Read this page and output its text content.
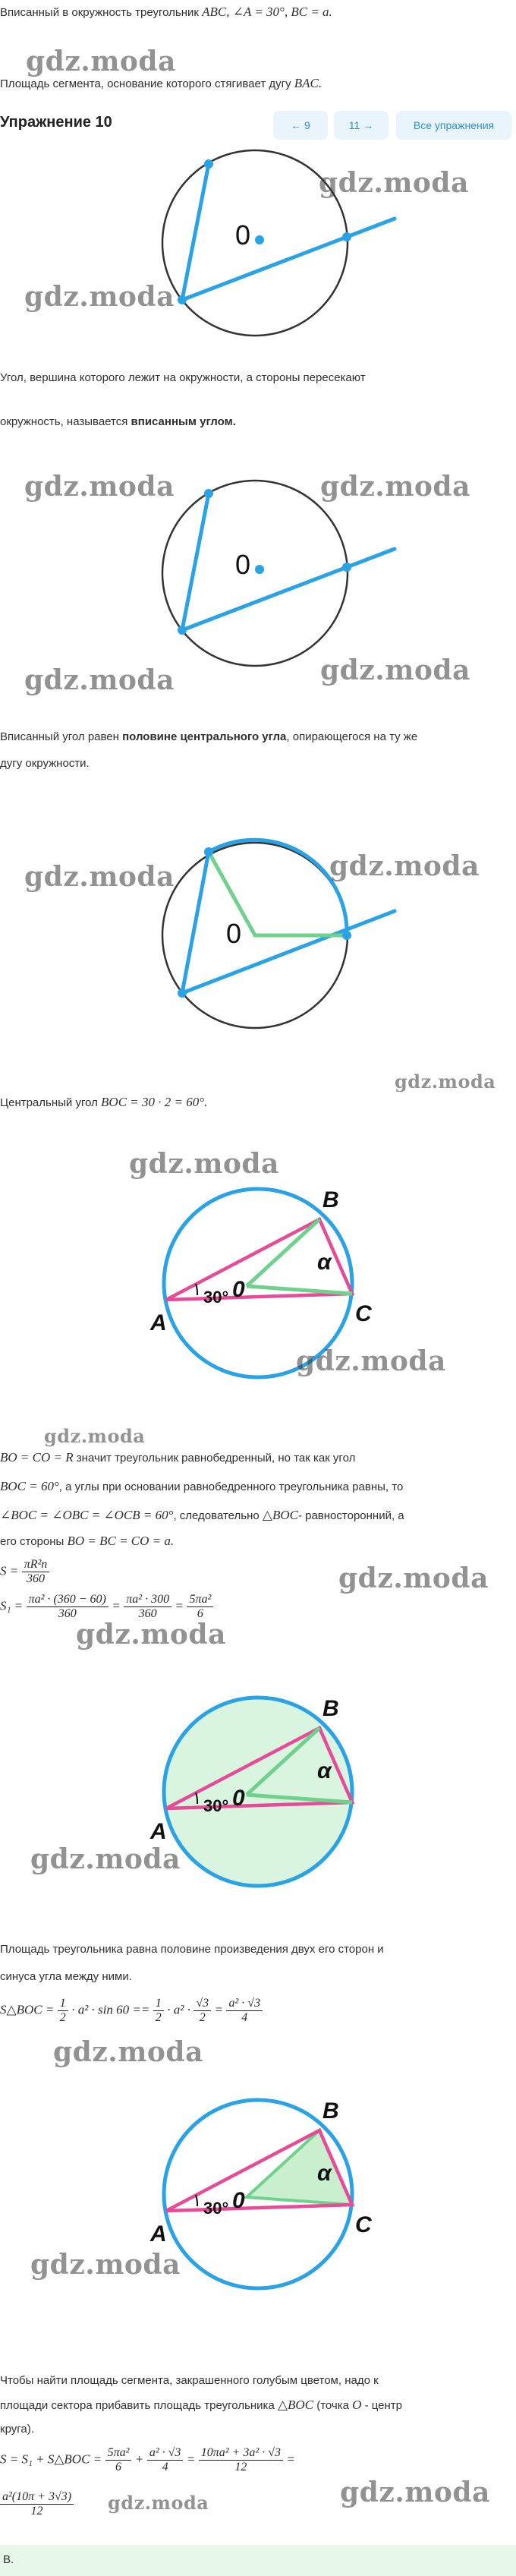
Вписанный в окружность треугольник ABC, ∠A = 30°, BC = a.
gdz.moda
Площадь сегмента, основание которого стягивает дугу BAC.
Упражнение 10	← 9	11 →	Все упражнения
0
gdz.moda
gdz.moda
Угол, вершина которого лежит на окружности, а стороны пересекают
окружность, называется вписанным углом.
0
gdz.moda	gdz.moda
gdz.moda	gdz.moda
Вписанный угол равен половине центрального угла, опирающегося на ту же
дугу окружности.
0
gdz.moda	gdz.moda
gdz.moda
Центральный угол BOC = 30 · 2 = 60°.
gdz.moda
A
B
C
α
30° 0
gdz.moda
gdz.moda
BO = CO = R значит треугольник равнобедренный, но так как угол
BOC = 60°, а углы при основании равнобедренного треугольника равны, то
∠BOC = ∠OBC = ∠OCB = 60°, следовательно △BOC- равносторонний, а
его стороны BO = BC = CO = a.
$S = \frac{\text{πR²n}}{360}$
$S_1 = \frac{\text{πa² · (360 − 60)}}{360} = \frac{\text{πa² · 300}}{360} = \frac{\text{5πa²}}{6}$
gdz.moda
gdz.moda
A
B
α
30° 0
gdz.moda
Площадь треугольника равна половине произведения двух его сторон и
синуса угла между ними.
S△BOC = $\frac{1}{2} \cdot a^2 \cdot \sin 60 == \frac{1}{2} \cdot a^2 \cdot \frac{√3}{2} = \frac{\text{a² · √3}}{4}$
gdz.moda
A
B
C
α
30° 0
gdz.moda
Чтобы найти площадь сегмента, закрашенного голубым цветом, надо к
площади сектора прибавить площадь треугольника △BOC (точка O - центр
круга).
S = S₁ + S△BOC = $\frac{\text{5πa²}}{6} + \frac{\text{a² · √3}}{4} = \frac{\text{10πa² + 3a² · √3}}{12}$ =
$\frac{\text{a²(10π + 3√3)}}{12}$ gdz.moda	gdz.moda
B.
